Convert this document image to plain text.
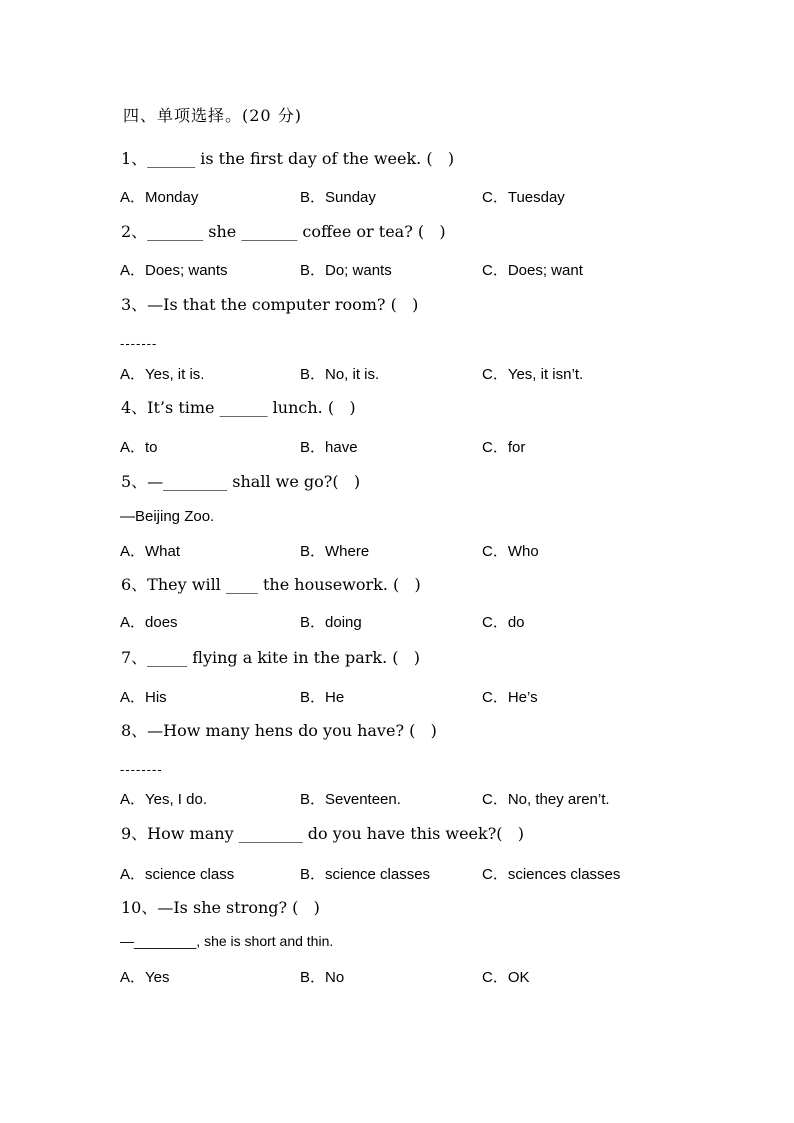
四、单项选择。(20 分)
1、______ is the first day of the week. (   )
A．Monday	B．Sunday	C．Tuesday
2、_______ she _______ coffee or tea? (   )
A．Does; wants	B．Do; wants	C．Does; want
3、—Is that the computer room? (   )
-------
A．Yes, it is.	B．No, it is.	C．Yes, it isn’t.
4、It’s time ______ lunch. (   )
A．to	B．have	C．for
5、—________ shall we go?(   )
—Beijing Zoo.
A．What	B．Where	C．Who
6、They will ____ the housework. (   )
A．does	B．doing	C．do
7、_____ flying a kite in the park. (   )
A．His	B．He	C．He’s
8、—How many hens do you have? (   )
--------
A．Yes, I do.	B．Seventeen.	C．No, they aren’t.
9、How many ________ do you have this week?(   )
A．science class	B．science classes	C．sciences classes
10、—Is she strong? (   )
—________, she is short and thin.
A．Yes	B．No	C．OK
